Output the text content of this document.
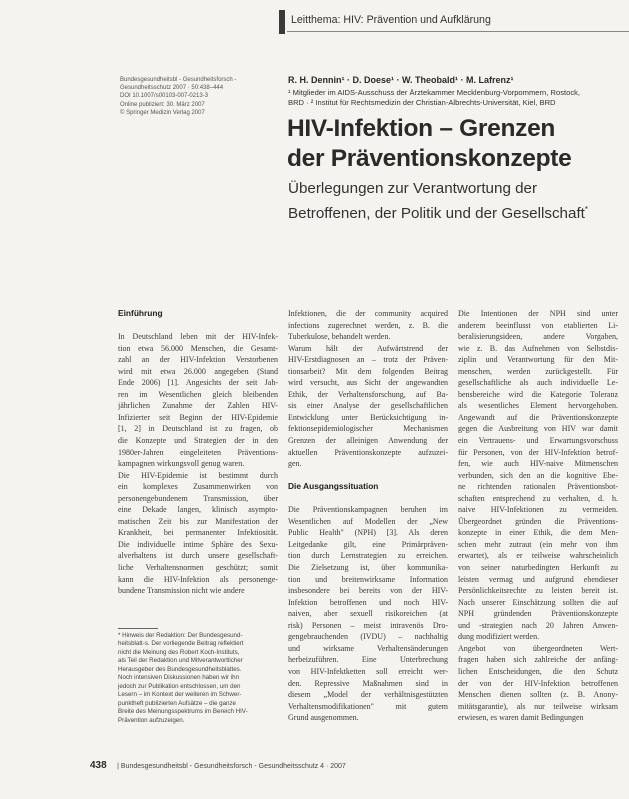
Leitthema: HIV: Prävention und Aufklärung
Bundesgesundheitsbl - Gesundheitsforsch -
Gesundheitsschutz 2007 · 50:438–444
DOI 10.1007/s00103-007-0213-3
Online publiziert: 30. März 2007
© Springer Medizin Verlag 2007
R. H. Dennin¹ · D. Doese¹ · W. Theobald¹ · M. Lafrenz¹
¹ Mitglieder im AIDS-Ausschuss der Ärztekammer Mecklenburg-Vorpommern, Rostock,
BRD · ² Institut für Rechtsmedizin der Christian-Albrechts-Universität, Kiel, BRD
HIV-Infektion – Grenzen
der Präventionskonzepte
Überlegungen zur Verantwortung der
Betroffenen, der Politik und der Gesellschaft*
Einführung
In Deutschland leben mit der HIV-Infek-
tion etwa 56.000 Menschen, die Gesamt-
zahl an der HIV-Infektion Verstorbenen
wird mit etwa 26.000 angegeben (Stand
Ende 2006) [1]. Angesichts der seit Jah-
ren im Wesentlichen gleich bleibenden
jährlichen Zunahme der Zahlen HIV-
Infizierter seit Beginn der HIV-Epidemie
[1, 2] in Deutschland ist zu fragen, ob
die Konzepte und Strategien der in den
1980er-Jahren eingeleiteten Präventions-
kampagnen wirkungsvoll genug waren.
Die HIV-Epidemie ist bestimmt durch
ein komplexes Zusammenwirken von
personengebundenem Transmission, über
eine Dekade langen, klinisch asympto-
matischen Zeit bis zur Manifestation der
Krankheit, bei permanenter Infektiosität.
Die individuelle intime Sphäre des Sexu-
alverhaltens ist durch unsere gesellschaft-
liche Verhaltensnormen geschützt; somit
kann die HIV-Infektion als personenge-
bundene Transmission nicht wie andere
Infektionen, die der community acquired
infections zugerechnet werden, z. B. die
Tuberkulose, behandelt werden.
Warum hält der Aufwärtstrend der
HIV-Erstdiagnosen an – trotz der Präven-
tionsarbeit? Mit dem folgenden Beitrag
wird versucht, aus Sicht der angewandten
Ethik, der Verhaltensforschung, auf Ba-
sis einer Analyse der gesellschaftlichen
Entwicklung unter Berücksichtigung in-
fektionsepidemiologischer Mechanismen
Grenzen der alleinigen Anwendung der
aktuellen Präventionskonzepte aufzuzei-
gen.
Die Ausgangssituation
Die Präventionskampagnen beruhen im
Wesentlichen auf Modellen der „New
Public Health" (NPH) [3]. Als deren
Leitgedanke gilt, eine Primärpräven-
tion durch Lernstrategien zu erreichen.
Die Zielsetzung ist, über kommunika-
tion und breitenwirksame Information
insbesondere bei bereits von der HIV-
Infektion betroffenen und noch HIV-
naiven, aber sexuell risikoreichen (at
risk) Personen – meist intravenös Dro-
gengebrauchenden (IVDU) – nachhaltig
und wirksame Verhaltensänderungen
herbeizuführen. Eine Unterbrechung
von HIV-Infektketten soll erreicht wer-
den. Repressive Maßnahmen sind in
diesem „Model der verhältnisgestützten
Verhaltensmodifikationen" mit gutem
Grund ausgenommen.
Die Intentionen der NPH sind unter
anderem beeinflusst von etablierten Li-
beralisierungsideen, andere Vorgaben,
wie z. B. das Aufnehmen von Selbstdis-
ziplin und Verantwortung für den Mit-
menschen, werden zurückgestellt. Für
gesellschaftliche als auch individuelle Le-
bensbereiche wird die Kategorie Toleranz
als wesentliches Element hervorgehoben.
Angewandt auf die Präventionskonzepte
gegen die Ausbreitung von HIV war damit
ein Vertrauens- und Erwartungsvorschuss
für Personen, von der HIV-Infektion betrof-
fen, wie auch HIV-naive Mitmenschen
verbunden, sich den an die kognitive Ebe-
ne richtenden rationalen Präventionsbot-
schaften entsprechend zu verhalten, d. h.
naive HIV-Infektionen zu vermeiden.
Übergeordnet gründen die Präventions-
konzepte in einer Ethik, die dem Men-
schen mehr zutraut (ein mehr von ihm
erwartet), als er teilweise wahrscheinlich
von seiner naturbedingten Herkunft zu
leisten vermag und aufgrund ebendieser
Persönlichkeitsrechte zu leisten bereit ist.
Nach unserer Einschätzung sollten die auf
NPH gründenden Präventionskonzepte
und -strategien nach 20 Jahren Anwen-
dung modifiziert werden.
Angebot von übergeordneten Wert-
fragen haben sich zahlreiche der anfäng-
lichen Entscheidungen, die den Schutz
der von der HIV-Infektion betroffenen
Menschen dienen sollten (z. B. Anony-
mitätsgarantie), als nur teilweise wirksam
erwiesen, es waren damit Bedingungen
* Hinweis der Redaktion: Der Bundesgesund-
heitsblatt-s. Der vorliegende Beitrag reflektiert
nicht die Meinung des Robert Koch-Instituts,
als Teil der Redaktion und Mitverantwortlicher
Herausgeber des Bundesgesundheitsblattes.
Noch intensiven Diskussionen haben wir ihn
jedoch zur Publikation entschlossen, um den
Lesern – im Kontext der weiteren im Schwer-
punktheft publizierten Aufsätze – die ganze
Breite des Meinungsspektrums im Bereich HIV-
Prävention aufzuzeigen.
438 | Bundesgesundheitsbl - Gesundheitsforsch - Gesundheitsschutz 4 · 2007
